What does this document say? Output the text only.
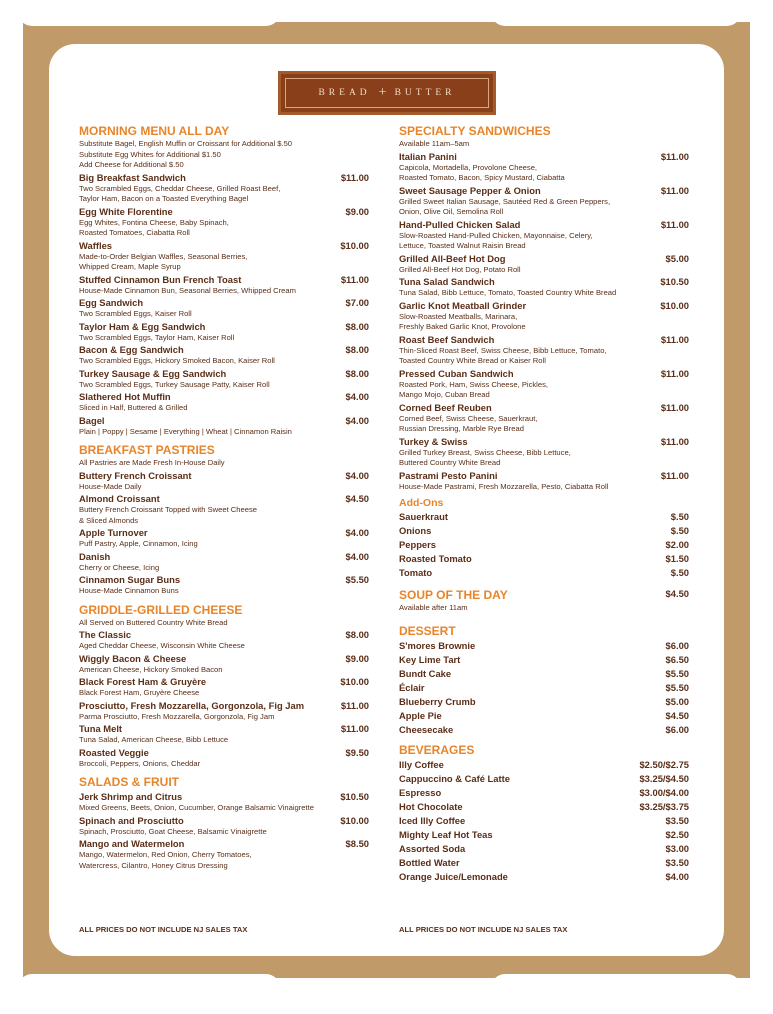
BREAD + BUTTER
MORNING MENU ALL DAY
Substitute Bagel, English Muffin or Croissant for Additional $.50
Substitute Egg Whites for Additional $1.50
Add Cheese for Additional $.50
Big Breakfast Sandwich	$11.00
Two Scrambled Eggs, Cheddar Cheese, Grilled Roast Beef,
Taylor Ham, Bacon on a Toasted Everything Bagel
Egg White Florentine	$9.00
Egg Whites, Fontina Cheese, Baby Spinach,
Roasted Tomatoes, Ciabatta Roll
Waffles	$10.00
Made-to-Order Belgian Waffles, Seasonal Berries,
Whipped Cream, Maple Syrup
Stuffed Cinnamon Bun French Toast	$11.00
House-Made Cinnamon Bun, Seasonal Berries, Whipped Cream
Egg Sandwich	$7.00
Two Scrambled Eggs, Kaiser Roll
Taylor Ham & Egg Sandwich	$8.00
Two Scrambled Eggs, Taylor Ham, Kaiser Roll
Bacon & Egg Sandwich	$8.00
Two Scrambled Eggs, Hickory Smoked Bacon, Kaiser Roll
Turkey Sausage & Egg Sandwich	$8.00
Two Scrambled Eggs, Turkey Sausage Patty, Kaiser Roll
Slathered Hot Muffin	$4.00
Sliced in Half, Buttered & Grilled
Bagel	$4.00
Plain | Poppy | Sesame | Everything | Wheat | Cinnamon Raisin
BREAKFAST PASTRIES
All Pastries are Made Fresh In-House Daily
Buttery French Croissant	$4.00
House-Made Daily
Almond Croissant	$4.50
Buttery French Croissant Topped with Sweet Cheese
& Sliced Almonds
Apple Turnover	$4.00
Puff Pastry, Apple, Cinnamon, Icing
Danish	$4.00
Cherry or Cheese, Icing
Cinnamon Sugar Buns	$5.50
House-Made Cinnamon Buns
GRIDDLE-GRILLED CHEESE
All Served on Buttered Country White Bread
The Classic	$8.00
Aged Cheddar Cheese, Wisconsin White Cheese
Wiggly Bacon & Cheese	$9.00
American Cheese, Hickory Smoked Bacon
Black Forest Ham & Gruyère	$10.00
Black Forest Ham, Gruyère Cheese
Prosciutto, Fresh Mozzarella, Gorgonzola, Fig Jam	$11.00
Parma Prosciutto, Fresh Mozzarella, Gorgonzola, Fig Jam
Tuna Melt	$11.00
Tuna Salad, American Cheese, Bibb Lettuce
Roasted Veggie	$9.50
Broccoli, Peppers, Onions, Cheddar
SALADS & FRUIT
Jerk Shrimp and Citrus	$10.50
Mixed Greens, Beets, Onion, Cucumber, Orange Balsamic Vinaigrette
Spinach and Prosciutto	$10.00
Spinach, Prosciutto, Goat Cheese, Balsamic Vinaigrette
Mango and Watermelon	$8.50
Mango, Watermelon, Red Onion, Cherry Tomatoes,
Watercress, Cilantro, Honey Citrus Dressing
SPECIALTY SANDWICHES
Available 11am–5am
Italian Panini	$11.00
Capicola, Mortadella, Provolone Cheese,
Roasted Tomato, Bacon, Spicy Mustard, Ciabatta
Sweet Sausage Pepper & Onion	$11.00
Grilled Sweet Italian Sausage, Sautéed Red & Green Peppers,
Onion, Olive Oil, Semolina Roll
Hand-Pulled Chicken Salad	$11.00
Slow-Roasted Hand-Pulled Chicken, Mayonnaise, Celery,
Lettuce, Toasted Walnut Raisin Bread
Grilled All-Beef Hot Dog	$5.00
Grilled All-Beef Hot Dog, Potato Roll
Tuna Salad Sandwich	$10.50
Tuna Salad, Bibb Lettuce, Tomato, Toasted Country White Bread
Garlic Knot Meatball Grinder	$10.00
Slow-Roasted Meatballs, Marinara,
Freshly Baked Garlic Knot, Provolone
Roast Beef Sandwich	$11.00
Thin-Sliced Roast Beef, Swiss Cheese, Bibb Lettuce, Tomato,
Toasted Country White Bread or Kaiser Roll
Pressed Cuban Sandwich	$11.00
Roasted Pork, Ham, Swiss Cheese, Pickles,
Mango Mojo, Cuban Bread
Corned Beef Reuben	$11.00
Corned Beef, Swiss Cheese, Sauerkraut,
Russian Dressing, Marble Rye Bread
Turkey & Swiss	$11.00
Grilled Turkey Breast, Swiss Cheese, Bibb Lettuce,
Buttered Country White Bread
Pastrami Pesto Panini	$11.00
House-Made Pastrami, Fresh Mozzarella, Pesto, Ciabatta Roll
Add-Ons
Sauerkraut	$.50
Onions	$.50
Peppers	$2.00
Roasted Tomato	$1.50
Tomato	$.50
SOUP OF THE DAY	$4.50
Available after 11am
DESSERT
S'mores Brownie	$6.00
Key Lime Tart	$6.50
Bundt Cake	$5.50
Éclair	$5.50
Blueberry Crumb	$5.00
Apple Pie	$4.50
Cheesecake	$6.00
BEVERAGES
Illy Coffee	$2.50/$2.75
Cappuccino & Café Latte	$3.25/$4.50
Espresso	$3.00/$4.00
Hot Chocolate	$3.25/$3.75
Iced Illy Coffee	$3.50
Mighty Leaf Hot Teas	$2.50
Assorted Soda	$3.00
Bottled Water	$3.50
Orange Juice/Lemonade	$4.00
ALL PRICES DO NOT INCLUDE NJ SALES TAX	ALL PRICES DO NOT INCLUDE NJ SALES TAX
